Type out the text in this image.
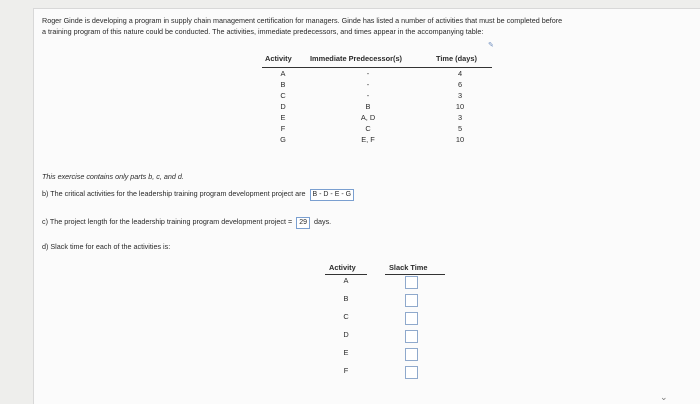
Roger Ginde is developing a program in supply chain management certification for managers. Ginde has listed a number of activities that must be completed before
a training program of this nature could be conducted. The activities, immediate predecessors, and times appear in the accompanying table:
✎
Activity Immediate Predecessor(s)	Time (days)
A	-	4
B	-	6
C	-	3
D	B	10
E	A, D	3
F	C	5
G	E, F	10
This exercise contains only parts b, c, and d.
b) The critical activities for the leadership training program development project are B - D - E - G
c) The project length for the leadership training program development project = 29 days.
d) Slack time for each of the activities is:
Activity	Slack Time
A
B
C
D
E
F
⌄
